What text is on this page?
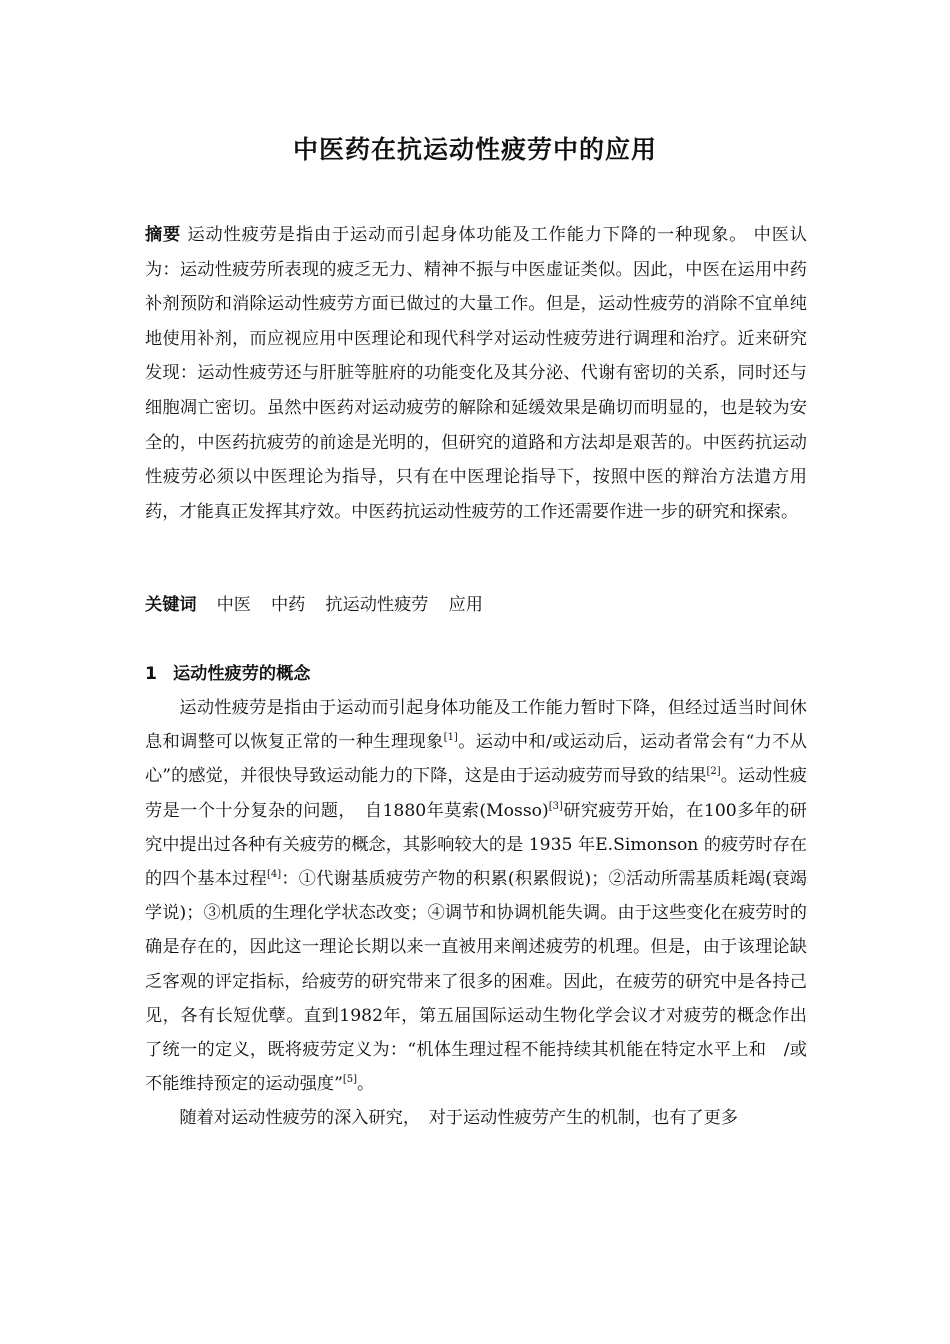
中医药在抗运动性疲劳中的应用
摘要 运动性疲劳是指由于运动而引起身体功能及工作能力下降的一种现象。 中医认为：运动性疲劳所表现的疲乏无力、精神不振与中医虚证类似。因此，中医在运用中药补剂预防和消除运动性疲劳方面已做过的大量工作。但是，运动性疲劳的消除不宜单纯地使用补剂，而应视应用中医理论和现代科学对运动性疲劳进行调理和治疗。近来研究发现：运动性疲劳还与肝脏等脏府的功能变化及其分泌、代谢有密切的关系，同时还与细胞凋亡密切。虽然中医药对运动疲劳的解除和延缓效果是确切而明显的，也是较为安全的，中医药抗疲劳的前途是光明的，但研究的道路和方法却是艰苦的。中医药抗运动性疲劳必须以中医理论为指导，只有在中医理论指导下，按照中医的辩治方法遣方用药，才能真正发挥其疗效。中医药抗运动性疲劳的工作还需要作进一步的研究和探索。
关键词 中医 中药 抗运动性疲劳 应用
1 运动性疲劳的概念

运动性疲劳是指由于运动而引起身体功能及工作能力暂时下降，但经过适当时间休息和调整可以恢复正常的一种生理现象[1]。运动中和/或运动后，运动者常会有“力不从心”的感觉，并很快导致运动能力的下降，这是由于运动疲劳而导致的结果[2]。运动性疲劳是一个十分复杂的问题，　自1880年莫索(Mosso)[3]研究疲劳开始，在100多年的研究中提出过各种有关疲劳的概念，其影响较大的是 1935 年E.Simonson 的疲劳时存在的四个基本过程[4]：①代谢基质疲劳产物的积累(积累假说)；②活动所需基质耗竭(衰竭学说)；③机质的生理化学状态改变；④调节和协调机能失调。由于这些变化在疲劳时的确是存在的，因此这一理论长期以来一直被用来阐述疲劳的机理。但是，由于该理论缺乏客观的评定指标，给疲劳的研究带来了很多的困难。因此，在疲劳的研究中是各持己见，各有长短优孽。直到1982年，第五届国际运动生物化学会议才对疲劳的概念作出了统一的定义，既将疲劳定义为：“机体生理过程不能持续其机能在特定水平上和　/或不能维持预定的运动强度”[5]。

随着对运动性疲劳的深入研究，　对于运动性疲劳产生的机制，也有了更多
